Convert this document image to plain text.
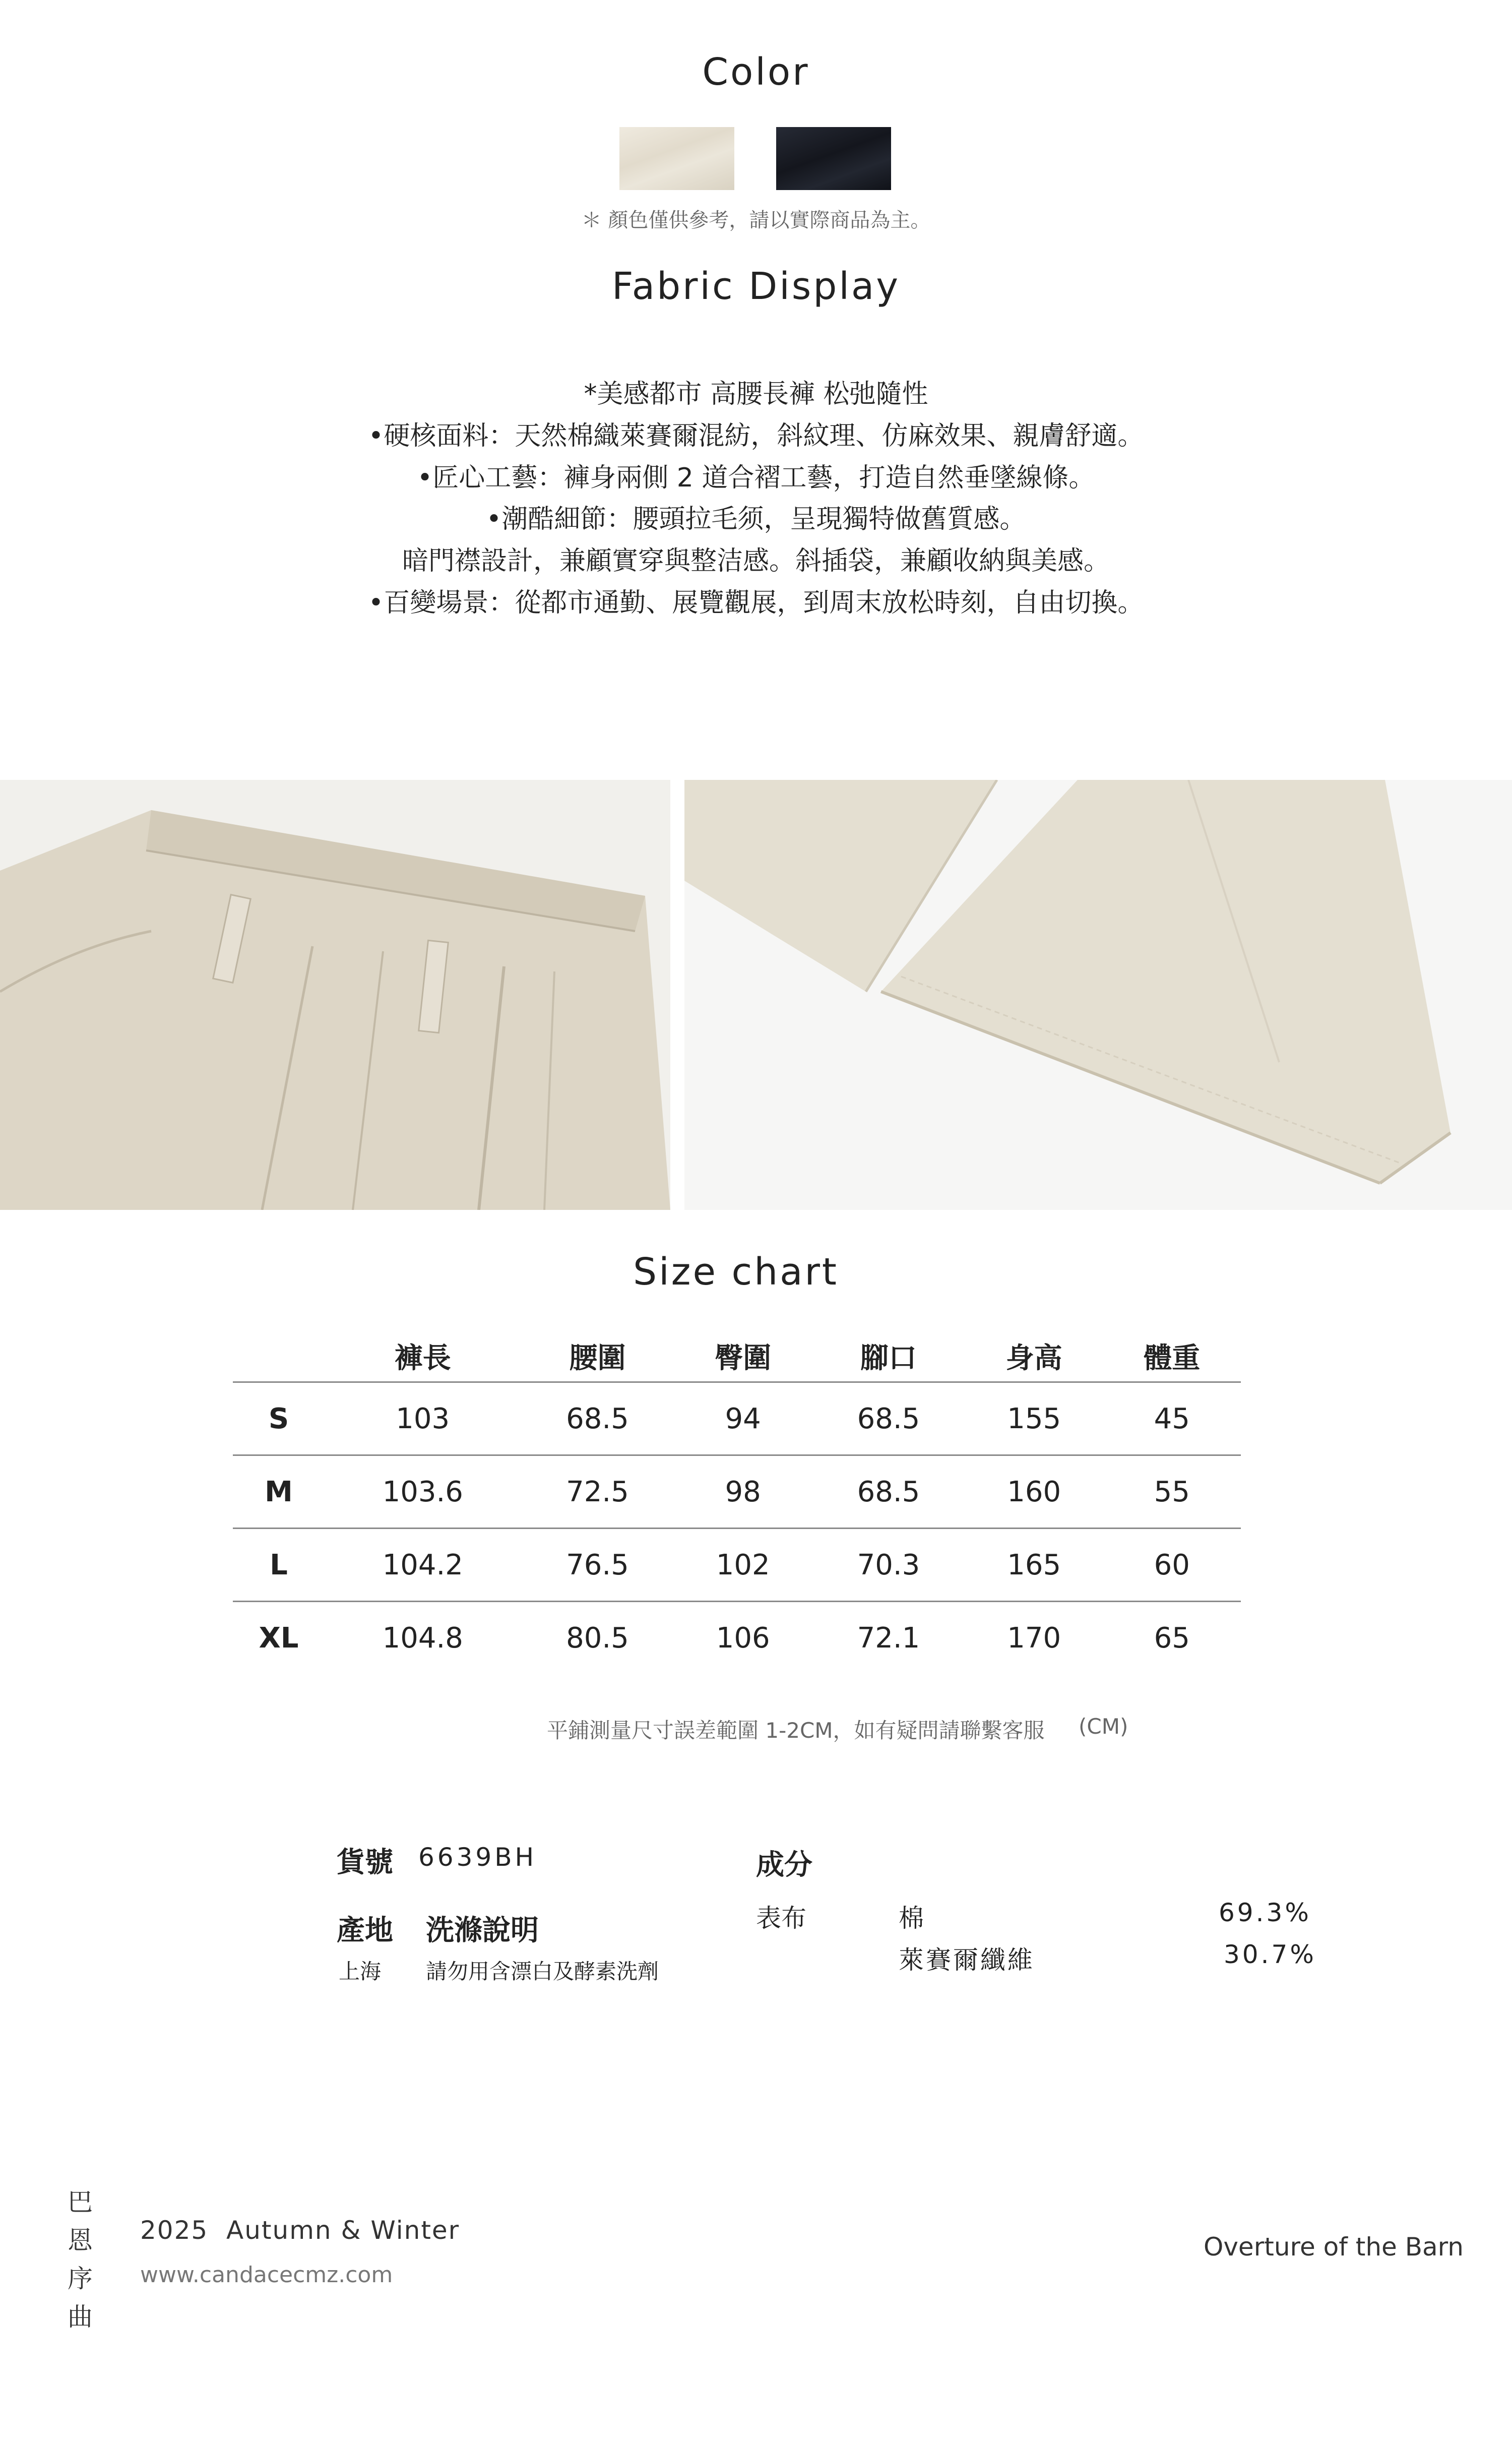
Color
＊ 顏色僅供參考，請以實際商品為主。
Fabric Display
*美感都市 高腰長褲 松弛隨性
•硬核面料：天然棉織萊賽爾混紡，斜紋理、仿麻效果、親膚舒適。
•匠心工藝：褲身兩側 2 道合褶工藝，打造自然垂墜線條。
•潮酷細節：腰頭拉毛须，呈現獨特做舊質感。
暗門襟設計，兼顧實穿與整洁感。斜插袋，兼顧收納與美感。
•百變場景：從都市通勤、展覽觀展，到周末放松時刻，自由切換。
Size chart
	褲長	腰圍	臀圍	腳口	身高	體重
S	103	68.5	94	68.5	155	45
M	103.6	72.5	98	68.5	160	55
L	104.2	76.5	102	70.3	165	60
XL	104.8	80.5	106	72.1	170	65
平鋪測量尺寸誤差範圍 1-2CM，如有疑問請聯繫客服 (CM)
貨號 6639BH
產地 洗滌說明
上海 請勿用含漂白及酵素洗劑
成分
表布	棉	69.3%
萊賽爾纖維	30.7%
巴
恩
序
曲
2025  Autumn & Winter
www.candacecmz.com
Overture of the Barn
